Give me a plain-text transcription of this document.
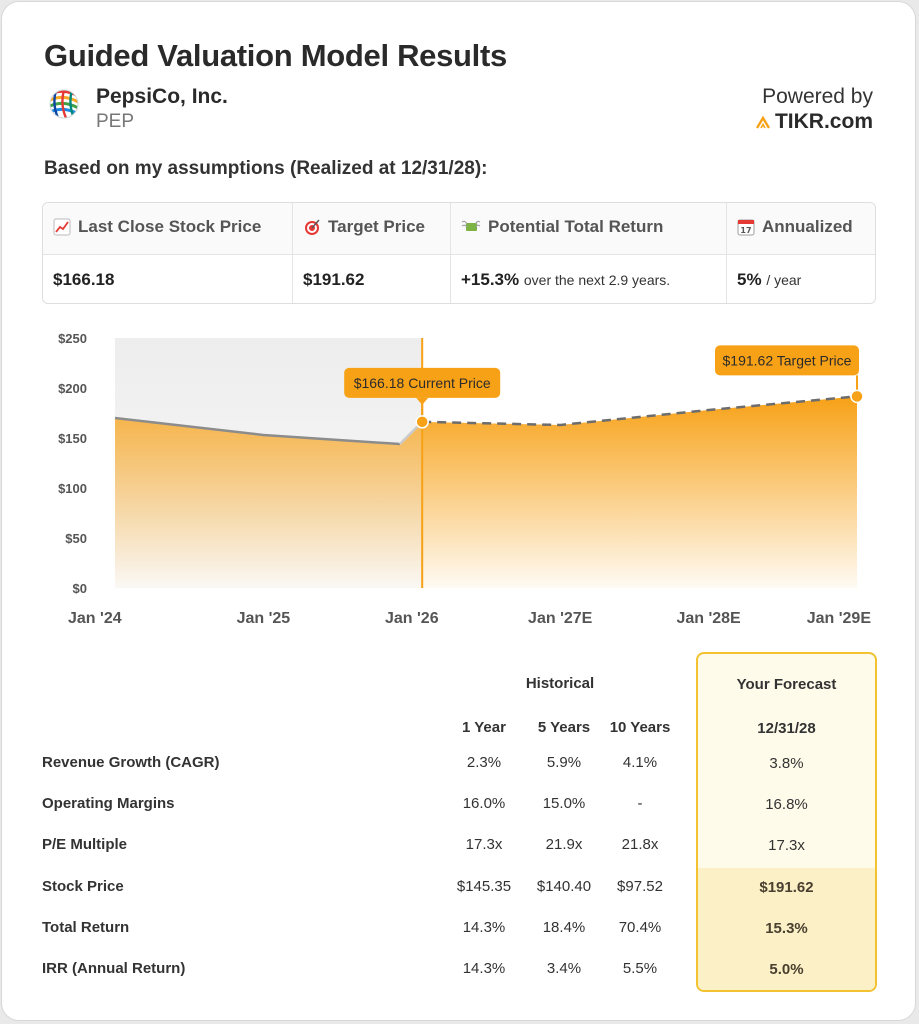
Guided Valuation Model Results
PepsiCo, Inc.
PEP
Powered by
TIKR.com
Based on my assumptions (Realized at 12/31/28):
Last Close Stock Price
$166.18
Target Price
$191.62
Potential Total Return
+15.3% over the next 2.9 years.
17 Annualized
5% / year
$250
$200
$150
$100
$50
$0
Jan '24	Jan '25	Jan '26	Jan '27E	Jan '28E	Jan '29E
$166.18 Current Price
$191.62 Target Price
Historical	Your Forecast
1 Year	5 Years	10 Years	12/31/28
Revenue Growth (CAGR)	2.3%	5.9%	4.1%	3.8%
Operating Margins	16.0%	15.0%	-	16.8%
P/E Multiple	17.3x	21.9x	21.8x	17.3x
Stock Price	$145.35	$140.40	$97.52	$191.62
Total Return	14.3%	18.4%	70.4%	15.3%
IRR (Annual Return)	14.3%	3.4%	5.5%	5.0%
